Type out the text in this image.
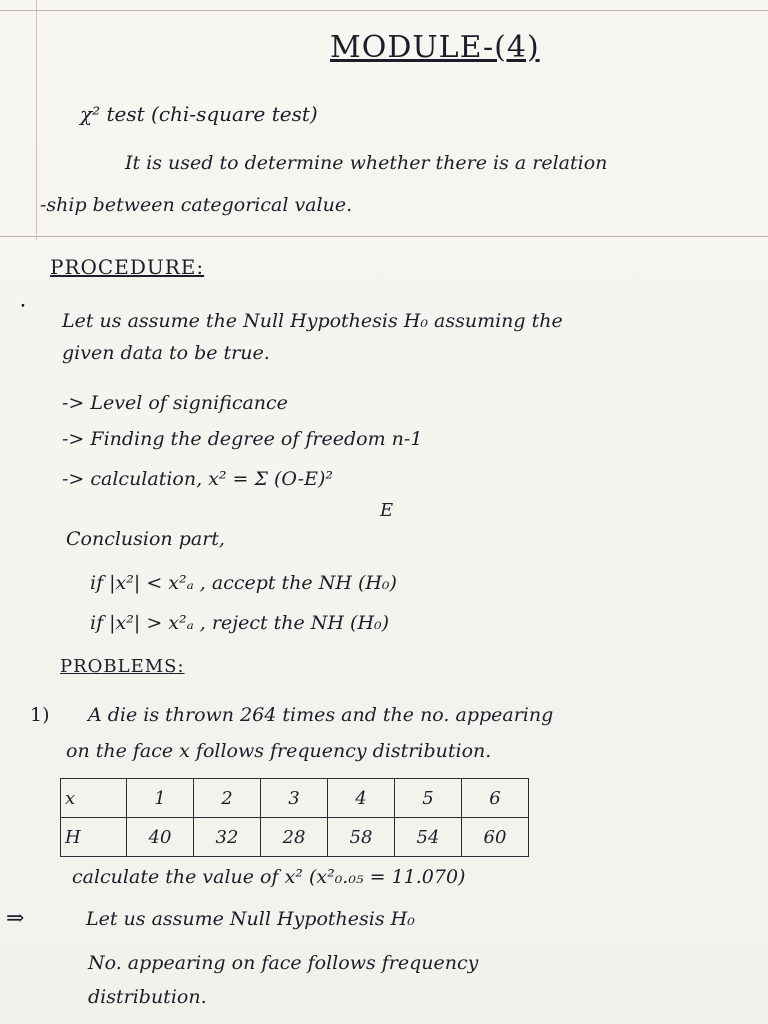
MODULE-(4)
χ² test (chi-square test)
It is used to determine whether there is a relation
-ship between categorical value.
PROCEDURE:
⸱
Let us assume the Null Hypothesis H₀ assuming the
given data to be true.
-> Level of significance
-> Finding the degree of freedom n-1
-> calculation, x² = Σ (O-E)²
E
Conclusion part,
if |x²| < x²ₐ , accept the NH (H₀)
if |x²| > x²ₐ , reject the NH (H₀)
PROBLEMS:
1) A die is thrown 264 times and the no. appearing
on the face x follows frequency distribution.
x	1	2	3	4	5	6
H	40	32	28	58	54	60
calculate the value of x² (x²₀.₀₅ = 11.070)
⇒	Let us assume Null Hypothesis H₀
No. appearing on face follows frequency
distribution.
